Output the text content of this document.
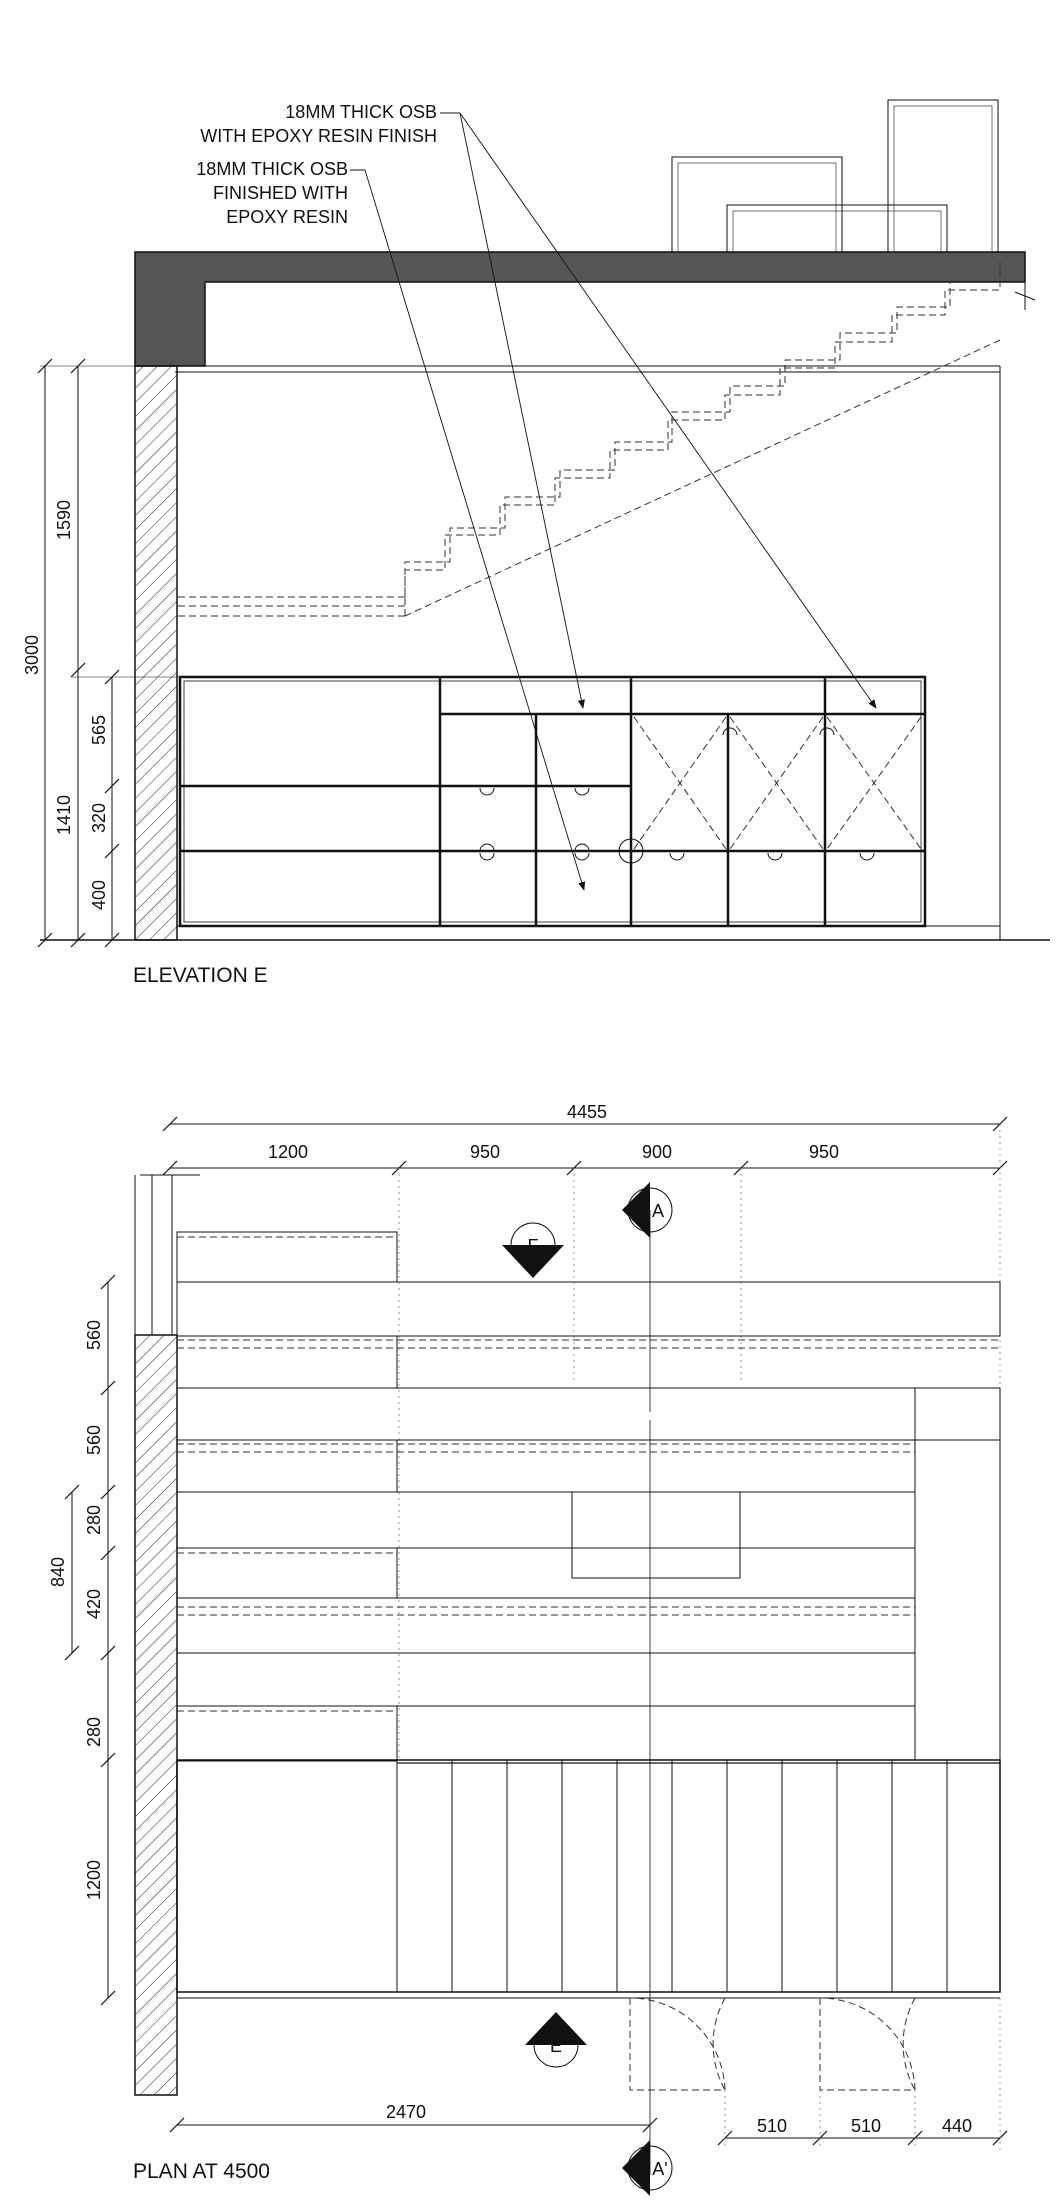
18MM THICK OSB
WITH EPOXY RESIN FINISH
18MM THICK OSB
FINISHED WITH
EPOXY RESIN
3000
1590
1410
565
320
400
ELEVATION E
4455
1200	950	900	950
A
A'
F
E
560
560
280
420
280
1200
840
2470
510	510	440
PLAN AT 4500
